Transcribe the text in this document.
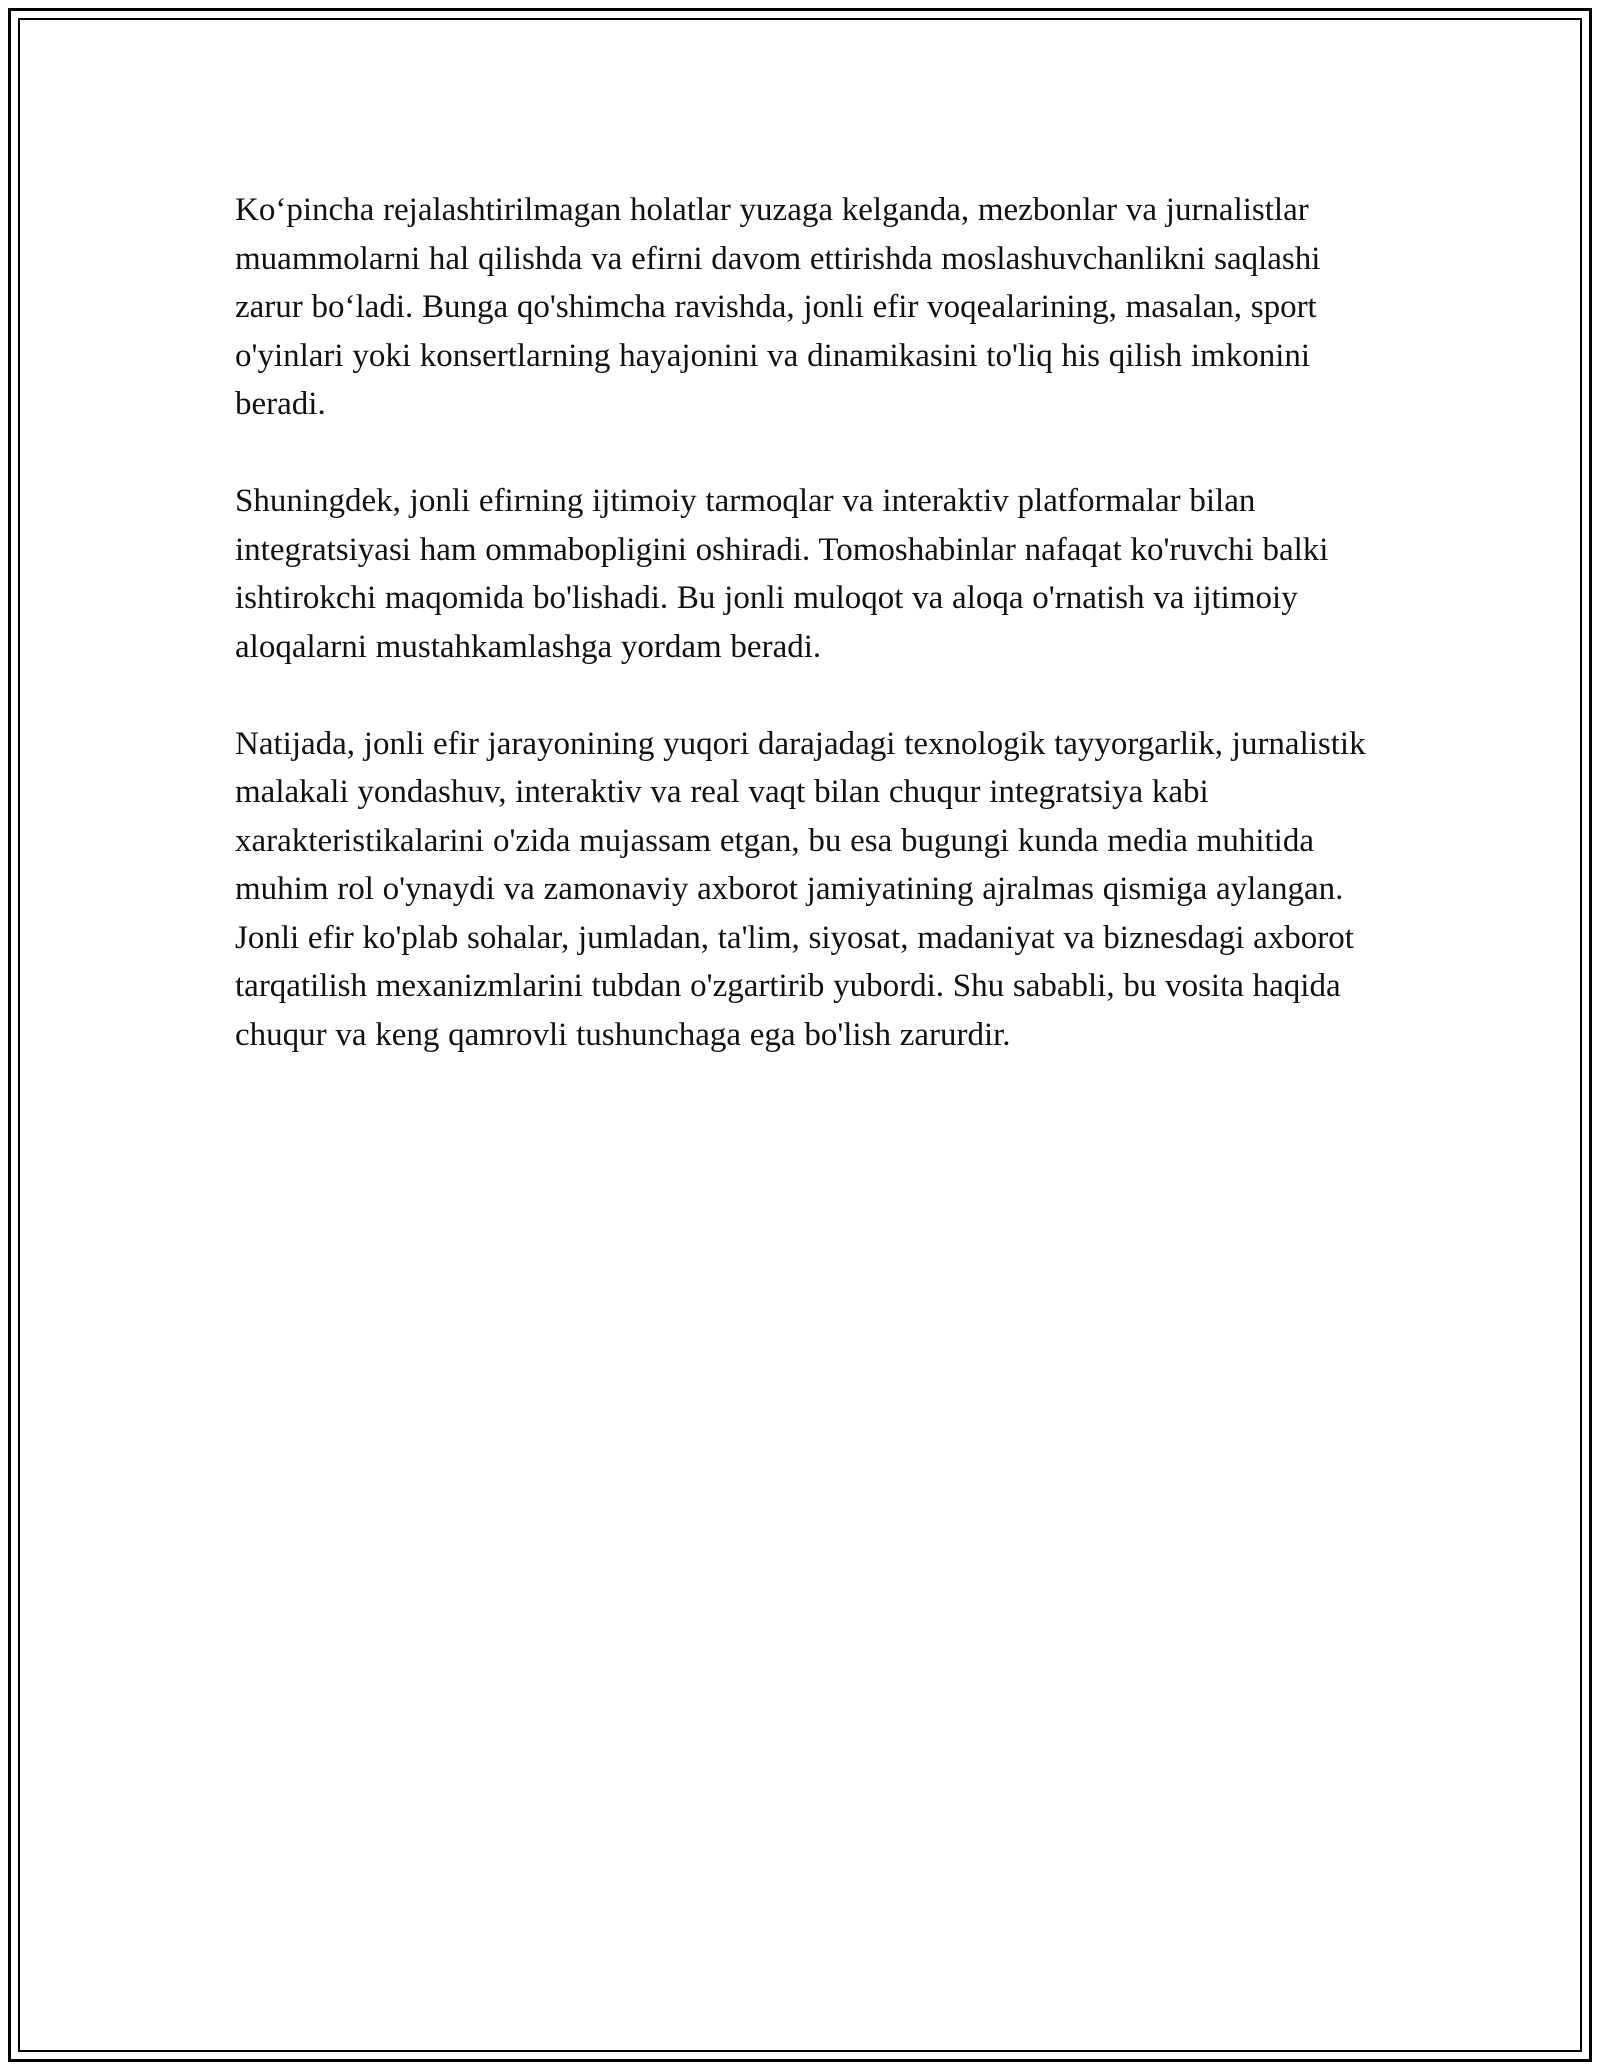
Ko‘pincha rejalashtirilmagan holatlar yuzaga kelganda, mezbonlar va jurnalistlar muammolarni hal qilishda va efirni davom ettirishda moslashuvchanlikni saqlashi zarur bo‘ladi. Bunga qo'shimcha ravishda, jonli efir voqealarining, masalan, sport o'yinlari yoki konsertlarning hayajonini va dinamikasini to'liq his qilish imkonini beradi.

Shuningdek, jonli efirning ijtimoiy tarmoqlar va interaktiv platformalar bilan integratsiyasi ham ommabopligini oshiradi. Tomoshabinlar nafaqat ko'ruvchi balki ishtirokchi maqomida bo'lishadi. Bu jonli muloqot va aloqa o'rnatish va ijtimoiy aloqalarni mustahkamlashga yordam beradi.

Natijada, jonli efir jarayonining yuqori darajadagi texnologik tayyorgarlik, jurnalistik malakali yondashuv, interaktiv va real vaqt bilan chuqur integratsiya kabi xarakteristikalarini o'zida mujassam etgan, bu esa bugungi kunda media muhitida muhim rol o'ynaydi va zamonaviy axborot jamiyatining ajralmas qismiga aylangan. Jonli efir ko'plab sohalar, jumladan, ta'lim, siyosat, madaniyat va biznesdagi axborot tarqatilish mexanizmlarini tubdan o'zgartirib yubordi. Shu sababli, bu vosita haqida chuqur va keng qamrovli tushunchaga ega bo'lish zarurdir.
